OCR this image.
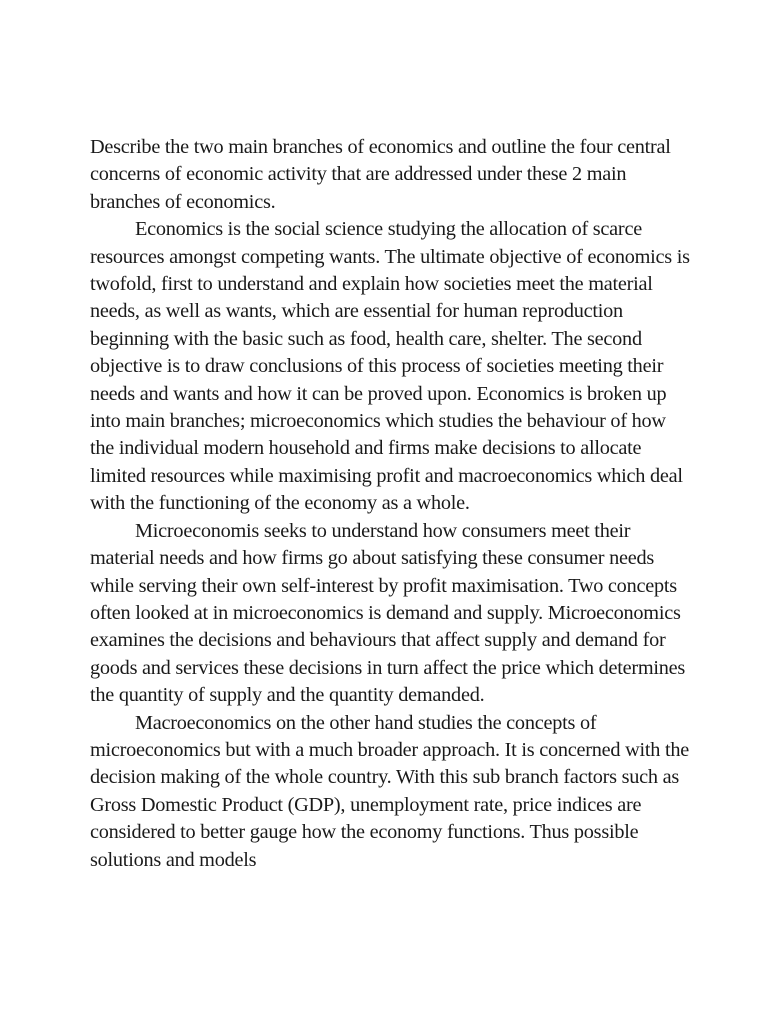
Describe the two main branches of economics and outline the four central concerns of economic activity that are addressed under these 2 main branches of economics.

Economics is the social science studying the allocation of scarce resources amongst competing wants. The ultimate objective of economics is twofold, first to understand and explain how societies meet the material needs, as well as wants, which are essential for human reproduction beginning with the basic such as food, health care, shelter. The second objective is to draw conclusions of this process of societies meeting their needs and wants and how it can be proved upon. Economics is broken up into main branches; microeconomics which studies the behaviour of how the individual modern household and firms make decisions to allocate limited resources while maximising profit and macroeconomics which deal with the functioning of the economy as a whole.

Microeconomis seeks to understand how consumers meet their material needs and how firms go about satisfying these consumer needs while serving their own self-interest by profit maximisation. Two concepts often looked at in microeconomics is demand and supply. Microeconomics examines the decisions and behaviours that affect supply and demand for goods and services these decisions in turn affect the price which determines the quantity of supply and the quantity demanded.

Macroeconomics on the other hand studies the concepts of microeconomics but with a much broader approach. It is concerned with the decision making of the whole country. With this sub branch factors such as Gross Domestic Product (GDP), unemployment rate, price indices are considered to better gauge how the economy functions. Thus possible solutions and models
